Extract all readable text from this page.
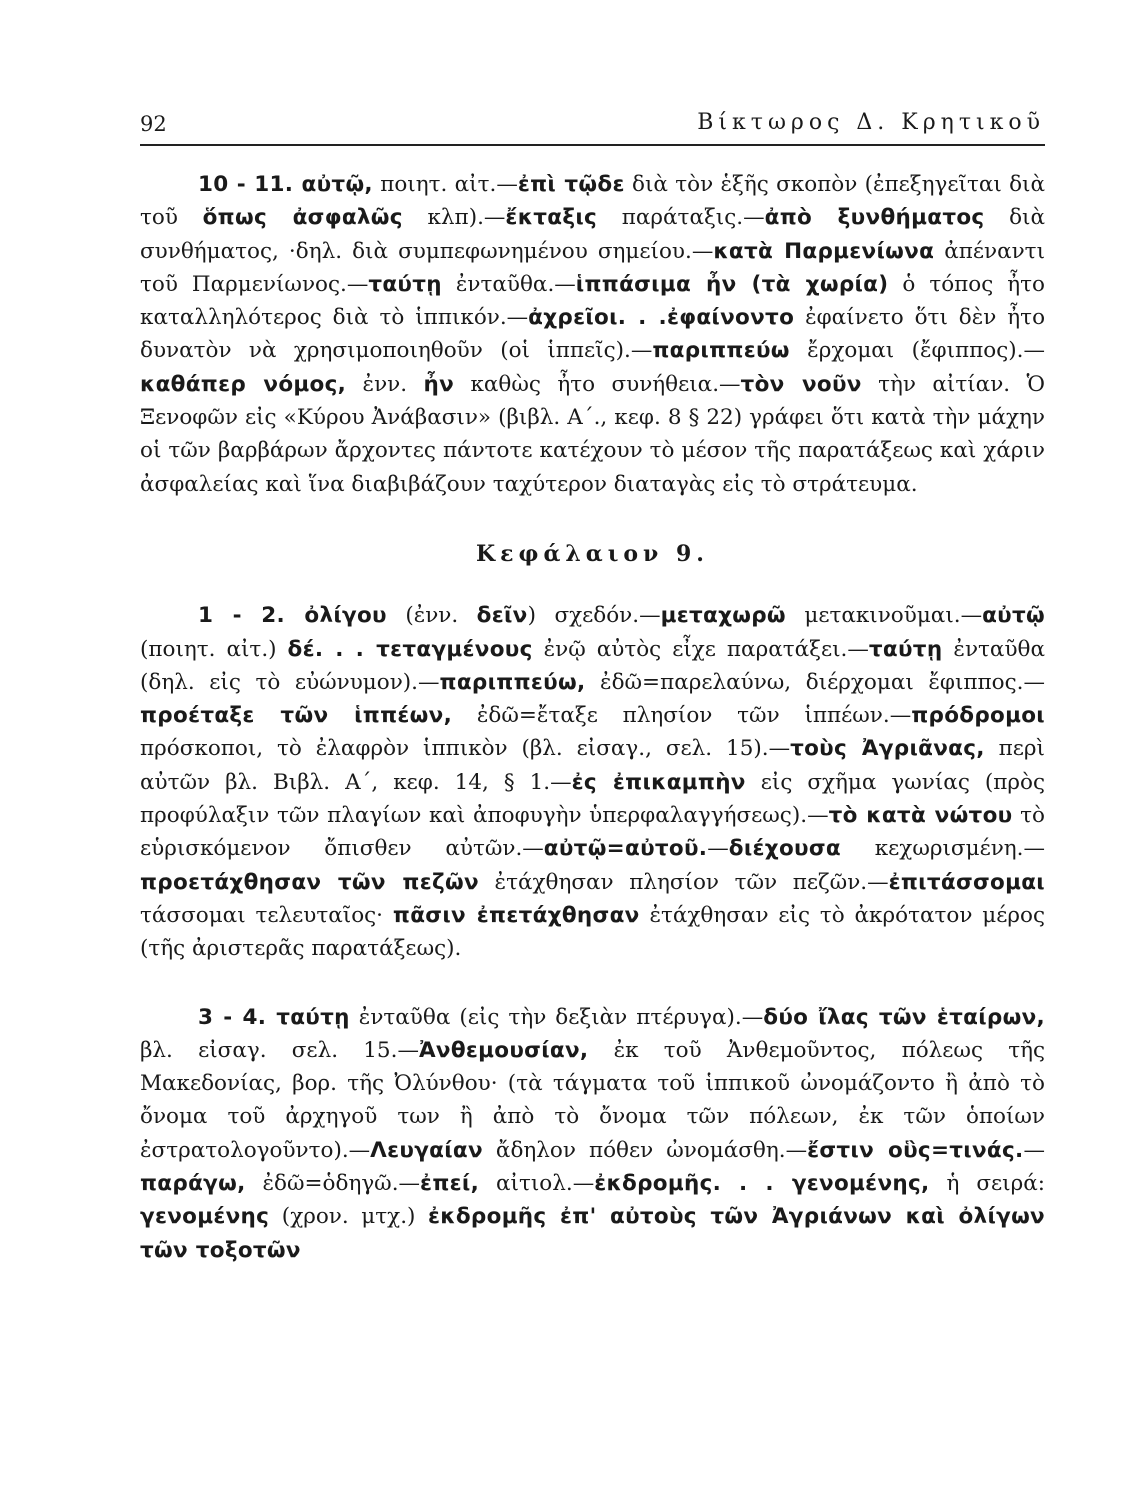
92	Βίκτωρος Δ. Κρητικοῦ

10 - 11. αὐτῷ, ποιητ. αἰτ.—ἐπὶ τῷδε διὰ τὸν ἑξῆς σκοπὸν (ἐπεξηγεῖται διὰ τοῦ ὅπως ἀσφαλῶς κλπ).—ἔκταξις παράταξις.—ἀπὸ ξυνθήματος διὰ συνθήματος, ·δηλ. διὰ συμπεφωνημένου σημείου.—κατὰ Παρμενίωνα ἀπέναντι τοῦ Παρμενίωνος.—ταύτῃ ἐνταῦθα.—ἱππάσιμα ἦν (τὰ χωρία) ὁ τόπος ἦτο καταλληλότερος διὰ τὸ ἱππικόν.—ἀχρεῖοι. . .ἐφαίνοντο ἐφαίνετο ὅτι δὲν ἦτο δυνατὸν νὰ χρησιμοποιηθοῦν (οἱ ἱππεῖς).—παριππεύω ἔρχομαι (ἔφιππος).—καθάπερ νόμος, ἐνν. ἦν καθὼς ἦτο συνήθεια.—τὸν νοῦν τὴν αἰτίαν. Ὁ Ξενοφῶν εἰς «Κύρου Ἀνάβασιν» (βιβλ. Α΄., κεφ. 8 § 22) γράφει ὅτι κατὰ τὴν μάχην οἱ τῶν βαρβάρων ἄρχοντες πάντοτε κατέχουν τὸ μέσον τῆς παρατάξεως καὶ χάριν ἀσφαλείας καὶ ἵνα διαβιβάζουν ταχύτερον διαταγὰς εἰς τὸ στράτευμα.

Κεφάλαιον 9.

1 - 2. ὀλίγου (ἐνν. δεῖν) σχεδόν.—μεταχωρῶ μετακινοῦμαι.—αὐτῷ (ποιητ. αἰτ.) δέ. . . τεταγμένους ἐνῷ αὐτὸς εἶχε παρατάξει.—ταύτῃ ἐνταῦθα (δηλ. εἰς τὸ εὐώνυμον).—παριππεύω, ἐδῶ=παρελαύνω, διέρχομαι ἔφιππος.—προέταξε τῶν ἱππέων, ἐδῶ=ἔταξε πλησίον τῶν ἱππέων.—πρόδρομοι πρόσκοποι, τὸ ἐλαφρὸν ἱππικὸν (βλ. εἰσαγ., σελ. 15).—τοὺς Ἀγριᾶνας, περὶ αὐτῶν βλ. Βιβλ. Α΄, κεφ. 14, § 1.—ἐς ἐπικαμπὴν εἰς σχῆμα γωνίας (πρὸς προφύλαξιν τῶν πλαγίων καὶ ἀποφυγὴν ὑπερφαλαγγήσεως).—τὸ κατὰ νώτου τὸ εὑρισκόμενον ὄπισθεν αὐτῶν.—αὐτῷ=αὐτοῦ.—διέχουσα κεχωρισμένη.—προετάχθησαν τῶν πεζῶν ἐτάχθησαν πλησίον τῶν πεζῶν.—ἐπιτάσσομαι τάσσομαι τελευταῖος· πᾶσιν ἐπετάχθησαν ἐτάχθησαν εἰς τὸ ἀκρότατον μέρος (τῆς ἀριστερᾶς παρατάξεως).

3 - 4. ταύτῃ ἐνταῦθα (εἰς τὴν δεξιὰν πτέρυγα).—δύο ἴλας τῶν ἑταίρων, βλ. εἰσαγ. σελ. 15.—Ἀνθεμουσίαν, ἐκ τοῦ Ἀνθεμοῦντος, πόλεως τῆς Μακεδονίας, βορ. τῆς Ὀλύνθου· (τὰ τάγματα τοῦ ἱππικοῦ ὠνομάζοντο ἢ ἀπὸ τὸ ὄνομα τοῦ ἀρχηγοῦ των ἢ ἀπὸ τὸ ὄνομα τῶν πόλεων, ἐκ τῶν ὁποίων ἐστρατολογοῦντο).—Λευγαίαν ἄδηλον πόθεν ὠνομάσθη.—ἔστιν οὓς=τινάς.—παράγω, ἐδῶ=ὁδηγῶ.—ἐπεί, αἰτιολ.—ἐκδρομῆς. . . γενομένης, ἡ σειρά: γενομένης (χρον. μτχ.) ἐκδρομῆς ἐπ' αὐτοὺς τῶν Ἀγριάνων καὶ ὀλίγων τῶν τοξοτῶν
